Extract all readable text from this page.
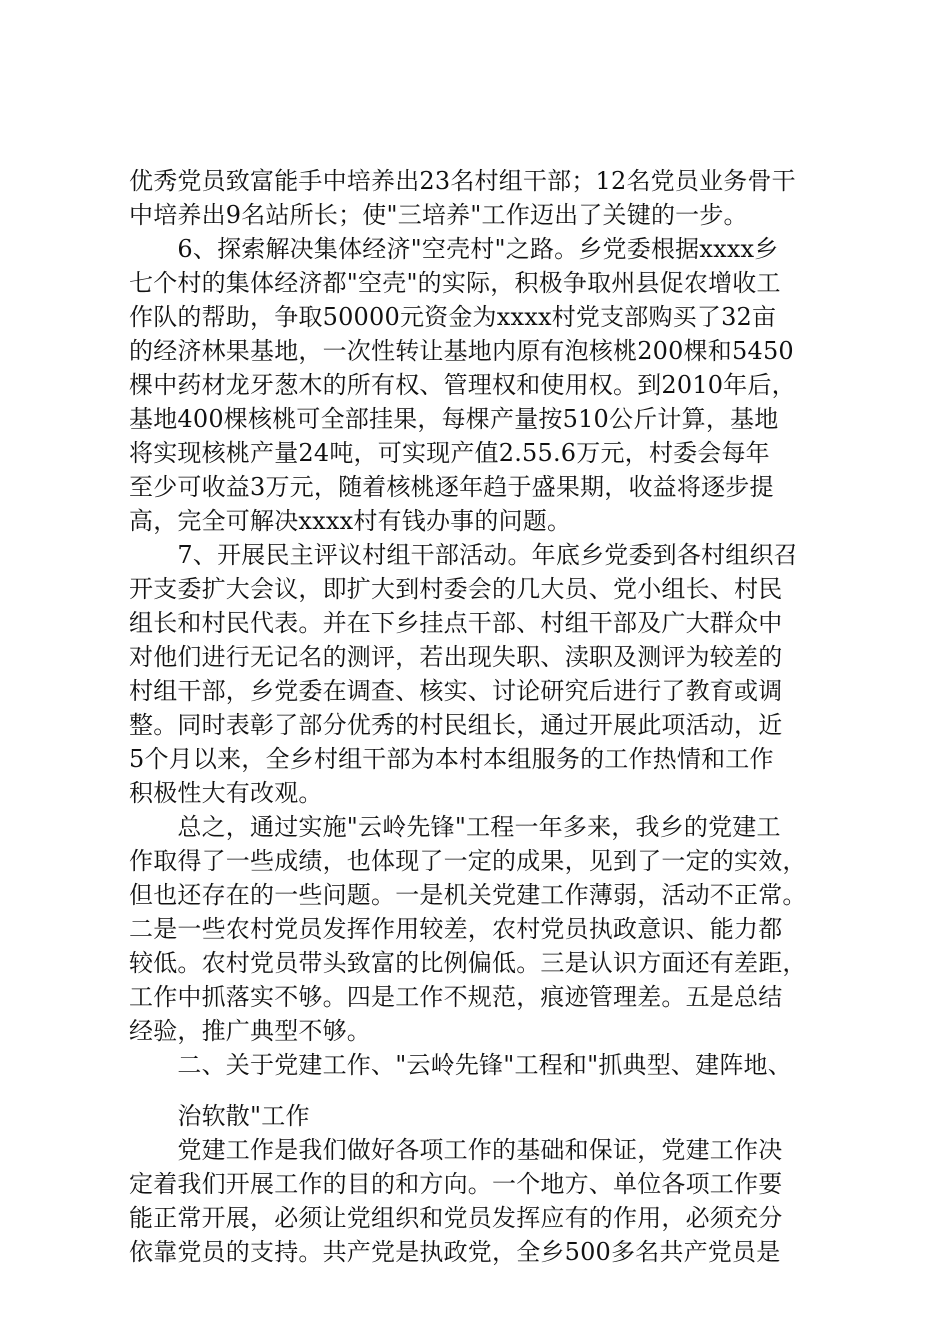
优秀党员致富能手中培养出23名村组干部；12名党员业务骨干
中培养出9名站所长；使"三培养"工作迈出了关键的一步。
　　6、探索解决集体经济"空壳村"之路。乡党委根据xxxx乡
七个村的集体经济都"空壳"的实际，积极争取州县促农增收工
作队的帮助，争取50000元资金为xxxx村党支部购买了32亩
的经济林果基地，一次性转让基地内原有泡核桃200棵和5450
棵中药材龙牙葱木的所有权、管理权和使用权。到2010年后，
基地400棵核桃可全部挂果，每棵产量按510公斤计算，基地
将实现核桃产量24吨，可实现产值2.55.6万元，村委会每年
至少可收益3万元，随着核桃逐年趋于盛果期，收益将逐步提
高，完全可解决xxxx村有钱办事的问题。
　　7、开展民主评议村组干部活动。年底乡党委到各村组织召
开支委扩大会议，即扩大到村委会的几大员、党小组长、村民
组长和村民代表。并在下乡挂点干部、村组干部及广大群众中
对他们进行无记名的测评，若出现失职、渎职及测评为较差的
村组干部，乡党委在调查、核实、讨论研究后进行了教育或调
整。同时表彰了部分优秀的村民组长，通过开展此项活动，近
5个月以来，全乡村组干部为本村本组服务的工作热情和工作
积极性大有改观。
　　总之，通过实施"云岭先锋"工程一年多来，我乡的党建工
作取得了一些成绩，也体现了一定的成果，见到了一定的实效，
但也还存在的一些问题。一是机关党建工作薄弱，活动不正常。
二是一些农村党员发挥作用较差，农村党员执政意识、能力都
较低。农村党员带头致富的比例偏低。三是认识方面还有差距，
工作中抓落实不够。四是工作不规范，痕迹管理差。五是总结
经验，推广典型不够。
　　二、关于党建工作、"云岭先锋"工程和"抓典型、建阵地、
　　治软散"工作
　　党建工作是我们做好各项工作的基础和保证，党建工作决
定着我们开展工作的目的和方向。一个地方、单位各项工作要
能正常开展，必须让党组织和党员发挥应有的作用，必须充分
依靠党员的支持。共产党是执政党，全乡500多名共产党员是
